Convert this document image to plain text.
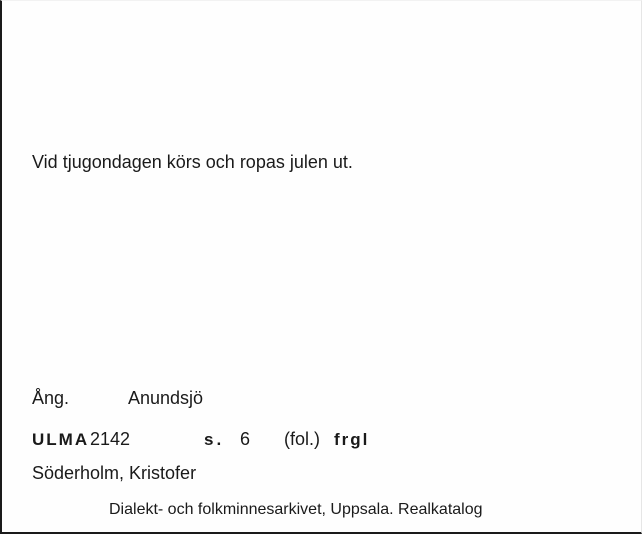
Vid tjugondagen körs och ropas julen ut.
Ång.	Anundsjö
ULMA2142	s. 6 (fol.) frgl
Söderholm, Kristofer
Dialekt- och folkminnesarkivet, Uppsala. Realkatalog
